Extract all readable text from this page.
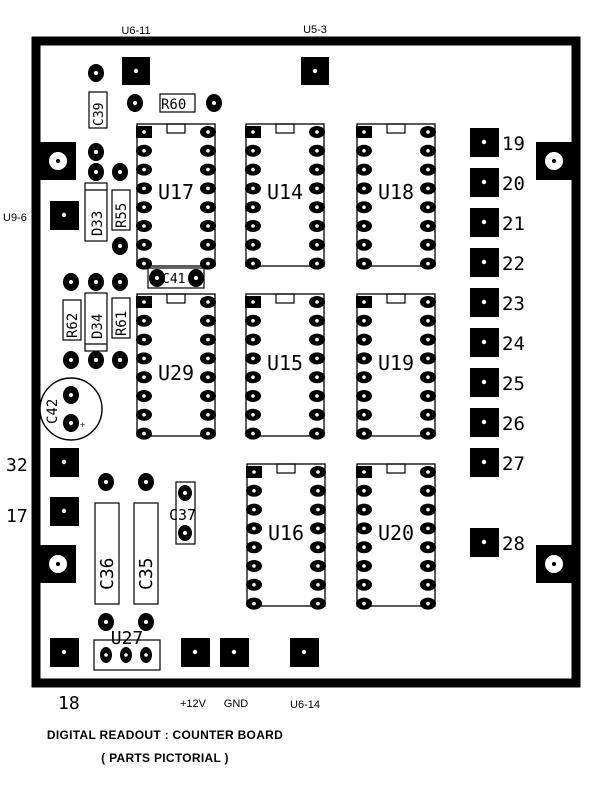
U6-11	U5-3
U9-6
32
17
C39	R60
D33 R55
R62 D34 R61
C42
+
C41
U17	U14	U18
U29	U15	U19
U16	U20
C37
C36 C35
U27
18	+12V GND	U6-14
19
20
21
22
23
24
25
26
27
28
DIGITAL READOUT : COUNTER BOARD
( PARTS PICTORIAL )
